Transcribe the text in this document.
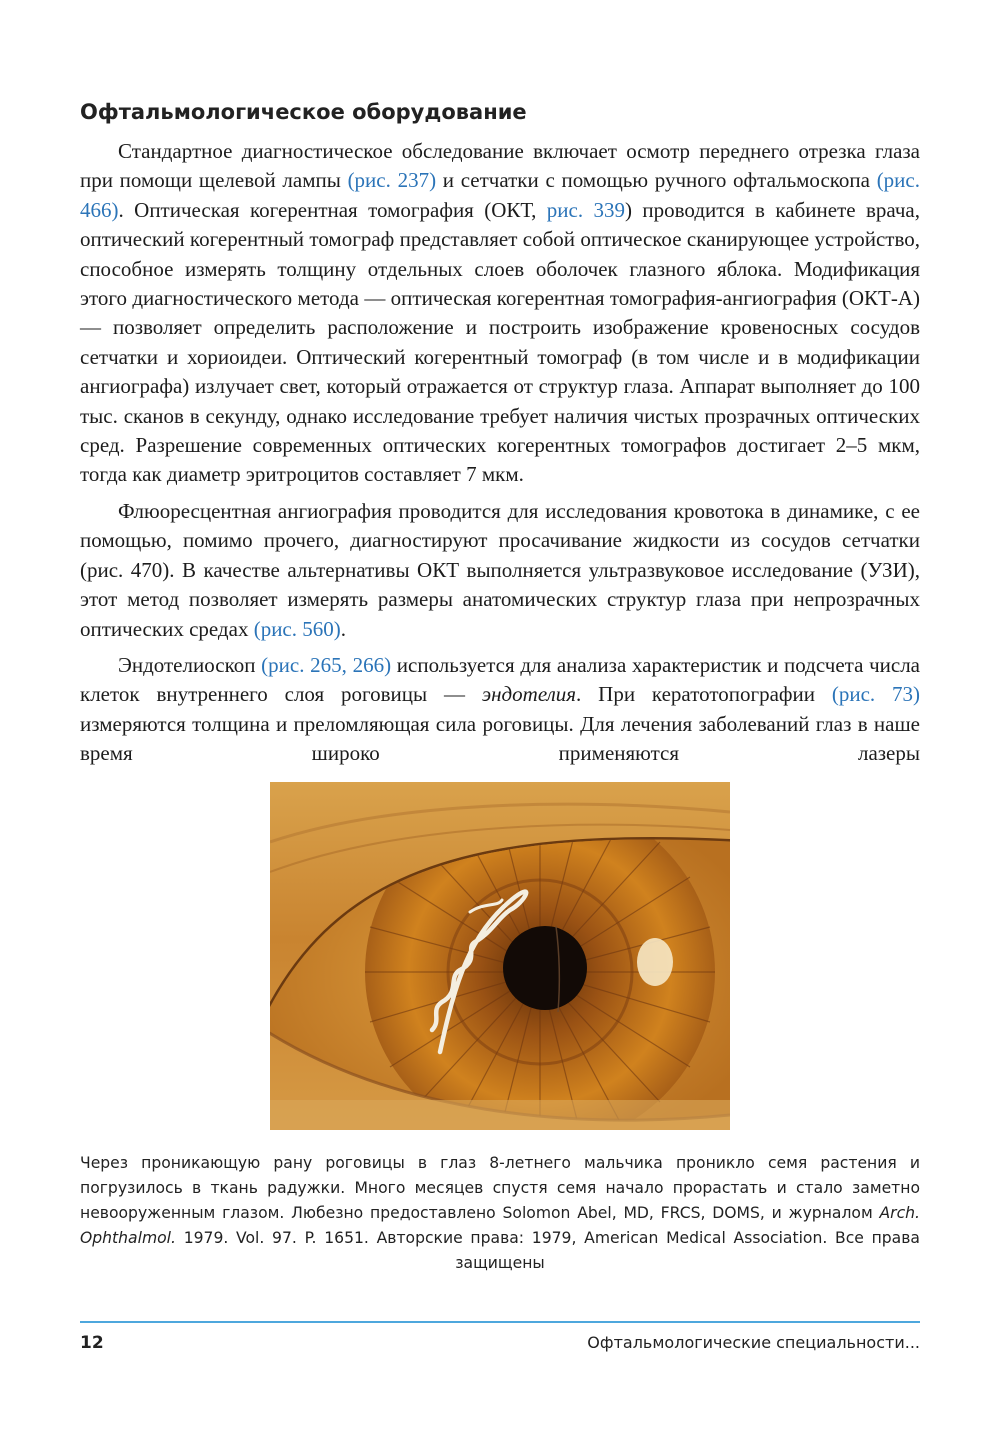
Офтальмологическое оборудование

Стандартное диагностическое обследование включает осмотр переднего отрезка глаза при помощи щелевой лампы (рис. 237) и сетчатки с помощью ручного офтальмоскопа (рис. 466). Оптическая когерентная томография (ОКТ, рис. 339) проводится в кабинете врача, оптический когерентный томограф представляет собой оптическое сканирующее устройство, способное измерять толщину отдельных слоев оболочек глазного яблока. Модификация этого диагностического метода — оптическая когерентная томография-ангиография (ОКТ-А) — позволяет определить расположение и построить изображение кровеносных сосудов сетчатки и хориоидеи. Оптический когерентный томограф (в том числе и в модификации ангиографа) излучает свет, который отражается от структур глаза. Аппарат выполняет до 100 тыс. сканов в секунду, однако исследование требует наличия чистых прозрачных оптических сред. Разрешение современных оптических когерентных томографов достигает 2–5 мкм, тогда как диаметр эритроцитов составляет 7 мкм.

Флюоресцентная ангиография проводится для исследования кровотока в динамике, с ее помощью, помимо прочего, диагностируют просачивание жидкости из сосудов сетчатки (рис. 470). В качестве альтернативы ОКТ выполняется ультразвуковое исследование (УЗИ), этот метод позволяет измерять размеры анатомических структур глаза при непрозрачных оптических средах (рис. 560).

Эндотелиоскоп (рис. 265, 266) используется для анализа характеристик и подсчета числа клеток внутреннего слоя роговицы — эндотелия. При кератотопографии (рис. 73) измеряются толщина и преломляющая сила роговицы. Для лечения заболеваний глаз в наше время широко применяются лазеры

Через проникающую рану роговицы в глаз 8-летнего мальчика проникло семя растения и погрузилось в ткань радужки. Много месяцев спустя семя начало прорастать и стало заметно невооруженным глазом. Любезно предоставлено Solomon Abel, MD, FRCS, DOMS, и журналом Arch. Ophthalmol. 1979. Vol. 97. P. 1651. Авторские права: 1979, American Medical Association. Все права защищены
12	Офтальмологические специальности...
